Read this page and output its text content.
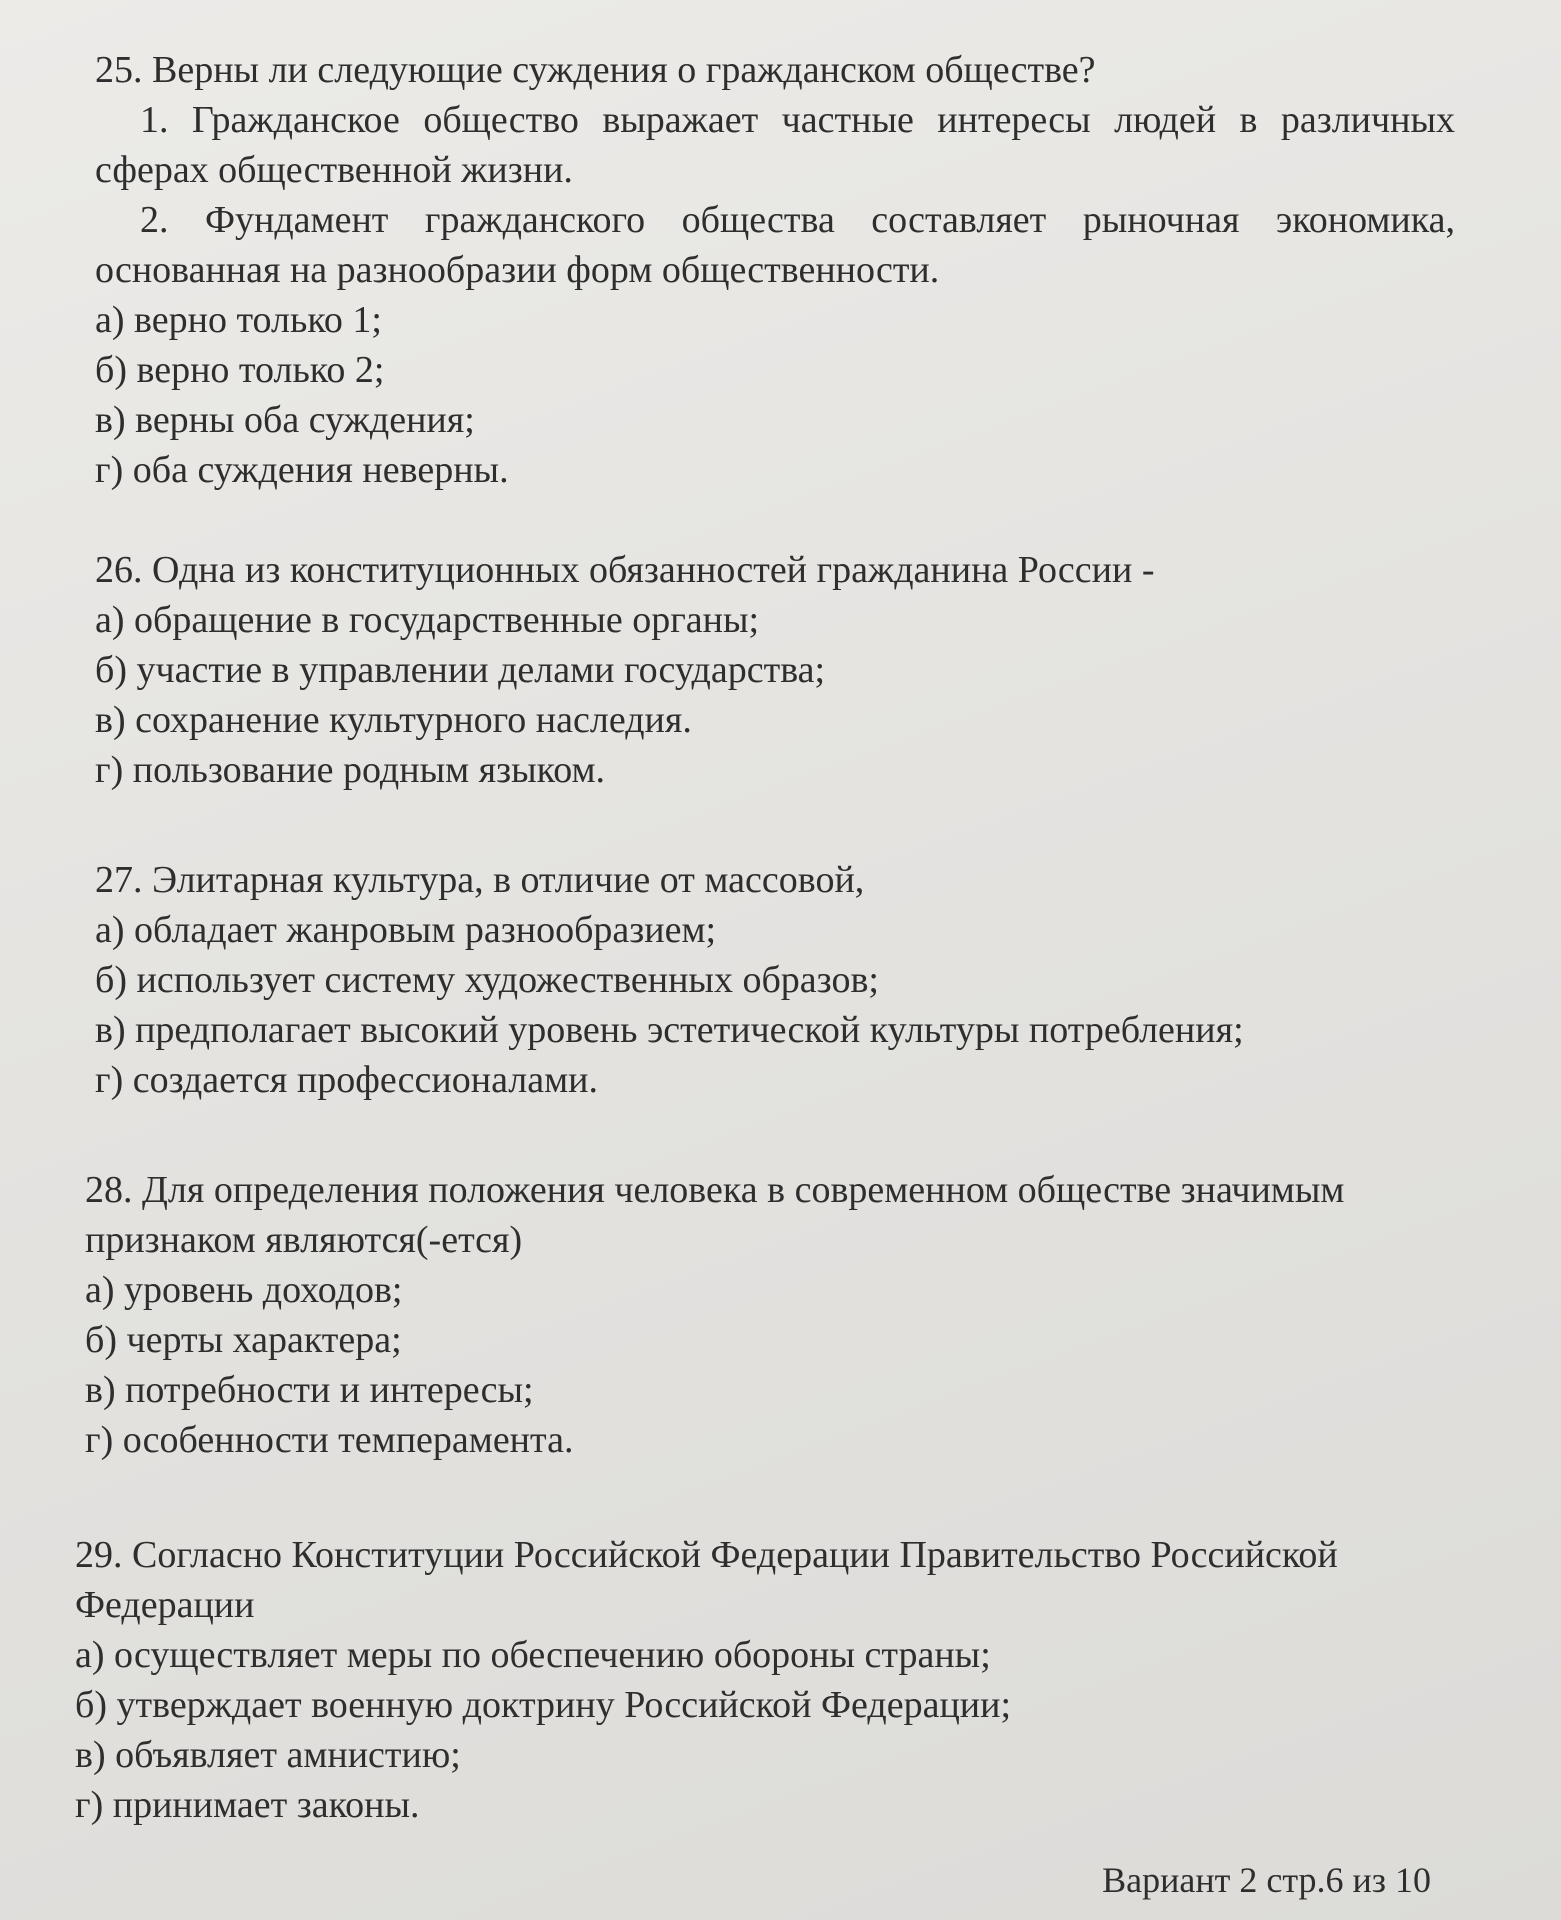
25. Верны ли следующие суждения о гражданском обществе?
1. Гражданское общество выражает частные интересы людей в различных
сферах общественной жизни.
2. Фундамент гражданского общества составляет рыночная экономика,
основанная на разнообразии форм общественности.
а) верно только 1;
б) верно только 2;
в) верны оба суждения;
г) оба суждения неверны.
26. Одна из конституционных обязанностей гражданина России -
а) обращение в государственные органы;
б) участие в управлении делами государства;
в) сохранение культурного наследия.
г) пользование родным языком.
27. Элитарная культура, в отличие от массовой,
а) обладает жанровым разнообразием;
б) использует систему художественных образов;
в) предполагает высокий уровень эстетической культуры потребления;
г) создается профессионалами.
28. Для определения положения человека в современном обществе значимым
признаком являются(-ется)
а) уровень доходов;
б) черты характера;
в) потребности и интересы;
г) особенности темперамента.
29. Согласно Конституции Российской Федерации Правительство Российской
Федерации
а) осуществляет меры по обеспечению обороны страны;
б) утверждает военную доктрину Российской Федерации;
в) объявляет амнистию;
г) принимает законы.
Вариант 2 стр.6 из 10
